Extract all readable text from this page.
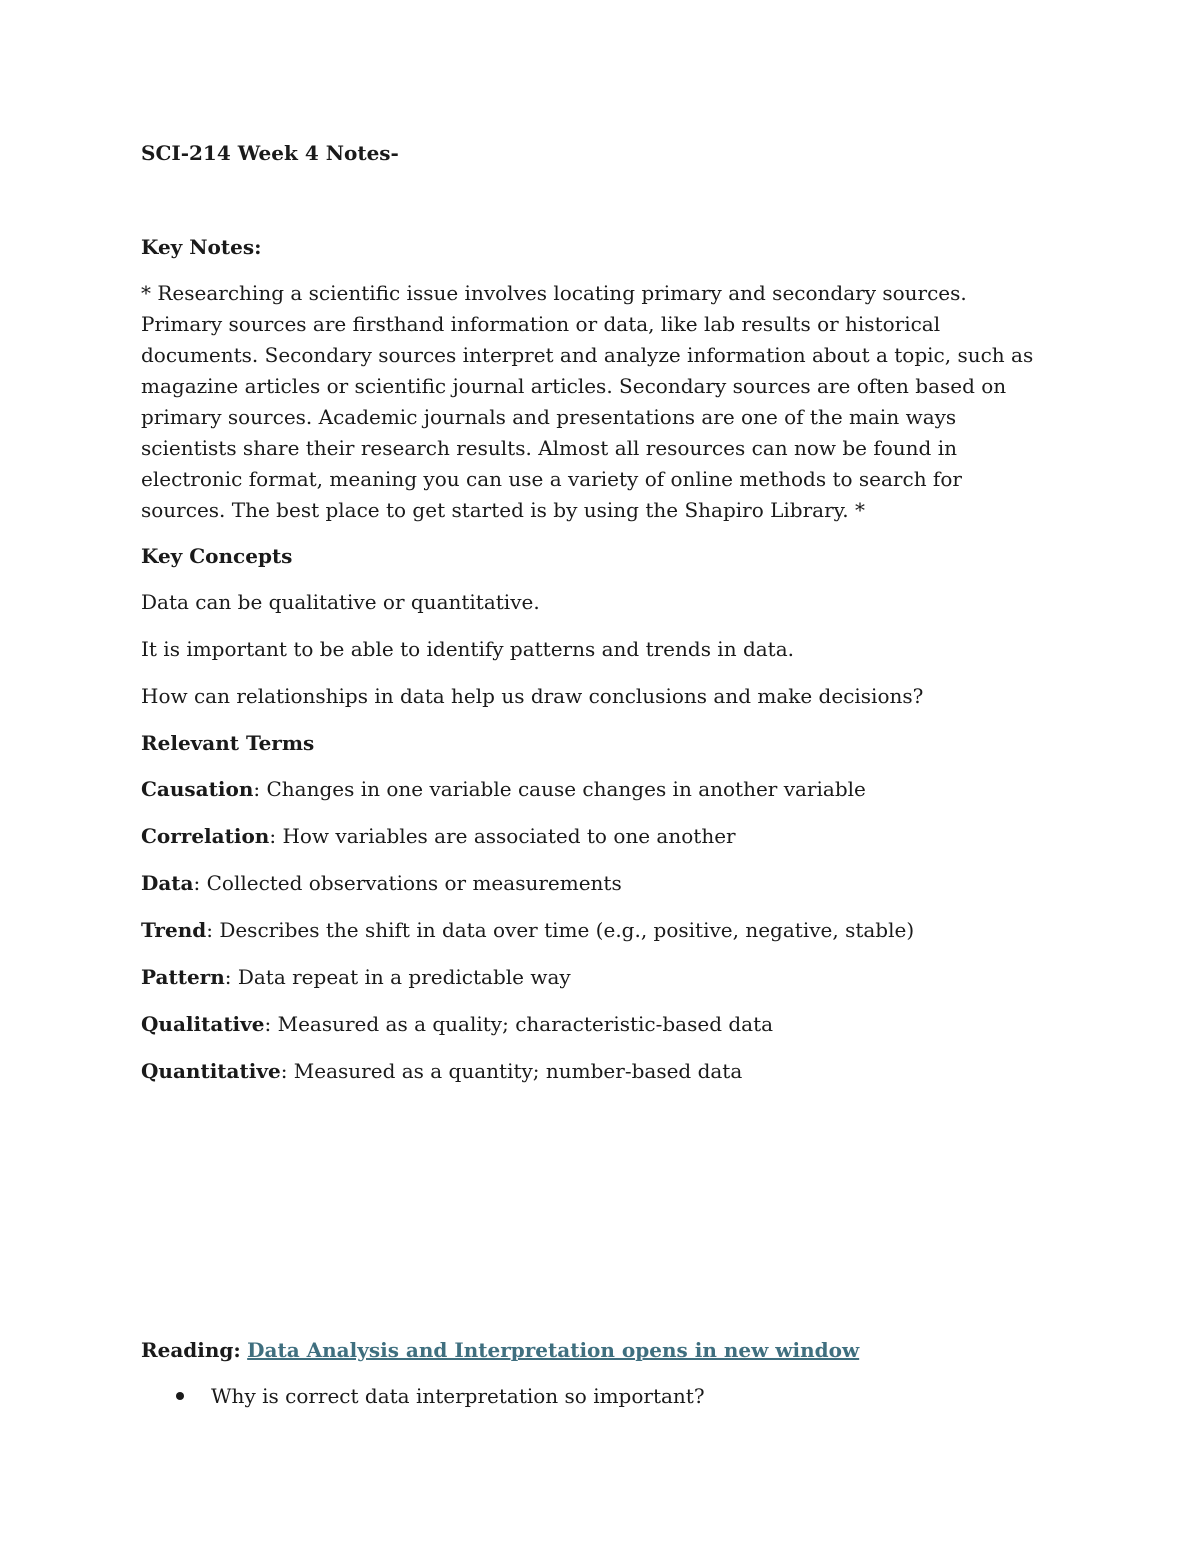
SCI-214 Week 4 Notes-

Key Notes:

* Researching a scientific issue involves locating primary and secondary sources. Primary sources are firsthand information or data, like lab results or historical documents. Secondary sources interpret and analyze information about a topic, such as magazine articles or scientific journal articles. Secondary sources are often based on primary sources. Academic journals and presentations are one of the main ways scientists share their research results. Almost all resources can now be found in electronic format, meaning you can use a variety of online methods to search for sources. The best place to get started is by using the Shapiro Library. *

Key Concepts

Data can be qualitative or quantitative.

It is important to be able to identify patterns and trends in data.

How can relationships in data help us draw conclusions and make decisions?

Relevant Terms

Causation: Changes in one variable cause changes in another variable

Correlation: How variables are associated to one another

Data: Collected observations or measurements

Trend: Describes the shift in data over time (e.g., positive, negative, stable)

Pattern: Data repeat in a predictable way

Qualitative: Measured as a quality; characteristic-based data

Quantitative: Measured as a quantity; number-based data

Reading: Data Analysis and Interpretation opens in new window

Why is correct data interpretation so important?
